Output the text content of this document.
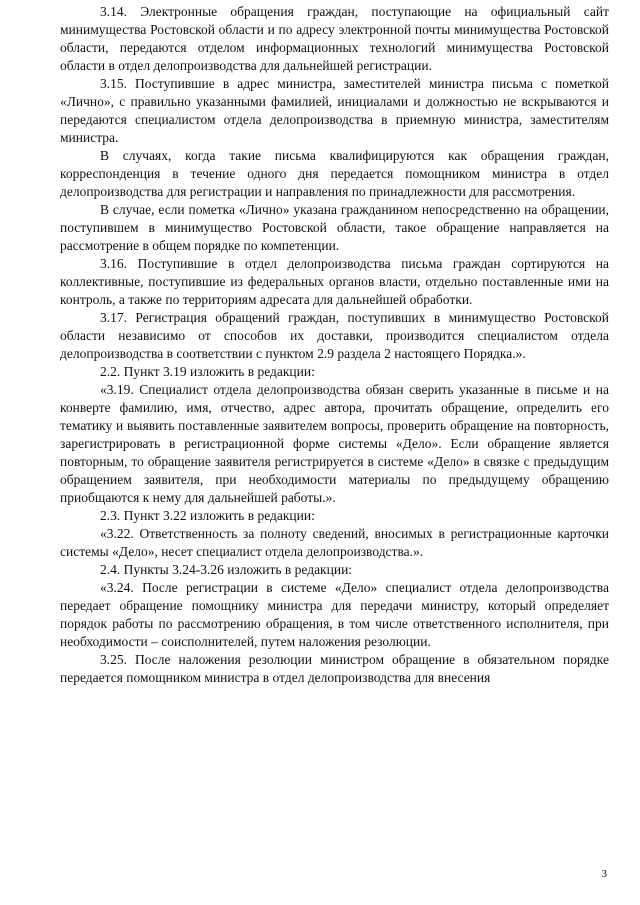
3.14. Электронные обращения граждан, поступающие на официальный сайт минимущества Ростовской области и по адресу электронной почты минимущества Ростовской области, передаются отделом информационных технологий минимущества Ростовской области в отдел делопроизводства для дальнейшей регистрации.

3.15. Поступившие в адрес министра, заместителей министра письма с пометкой «Лично», с правильно указанными фамилией, инициалами и должностью не вскрываются и передаются специалистом отдела делопроизводства в приемную министра, заместителям министра.

В случаях, когда такие письма квалифицируются как обращения граждан, корреспонденция в течение одного дня передается помощником министра в отдел делопроизводства для регистрации и направления по принадлежности для рассмотрения.

В случае, если пометка «Лично» указана гражданином непосредственно на обращении, поступившем в минимущество Ростовской области, такое обращение направляется на рассмотрение в общем порядке по компетенции.

3.16. Поступившие в отдел делопроизводства письма граждан сортируются на коллективные, поступившие из федеральных органов власти, отдельно поставленные ими на контроль, а также по территориям адресата для дальнейшей обработки.

3.17. Регистрация обращений граждан, поступивших в минимущество Ростовской области независимо от способов их доставки, производится специалистом отдела делопроизводства в соответствии с пунктом 2.9 раздела 2 настоящего Порядка.».

2.2. Пункт 3.19 изложить в редакции:

«3.19. Специалист отдела делопроизводства обязан сверить указанные в письме и на конверте фамилию, имя, отчество, адрес автора, прочитать обращение, определить его тематику и выявить поставленные заявителем вопросы, проверить обращение на повторность, зарегистрировать в регистрационной форме системы «Дело». Если обращение является повторным, то обращение заявителя регистрируется в системе «Дело» в связке с предыдущим обращением заявителя, при необходимости материалы по предыдущему обращению приобщаются к нему для дальнейшей работы.».

2.3. Пункт 3.22 изложить в редакции:

«3.22. Ответственность за полноту сведений, вносимых в регистрационные карточки системы «Дело», несет специалист отдела делопроизводства.».

2.4. Пункты 3.24-3.26 изложить в редакции:

«3.24. После регистрации в системе «Дело» специалист отдела делопроизводства передает обращение помощнику министра для передачи министру, который определяет порядок работы по рассмотрению обращения, в том числе ответственного исполнителя, при необходимости – соисполнителей, путем наложения резолюции.

3.25. После наложения резолюции министром обращение в обязательном порядке передается помощником министра в отдел делопроизводства для внесения

3
